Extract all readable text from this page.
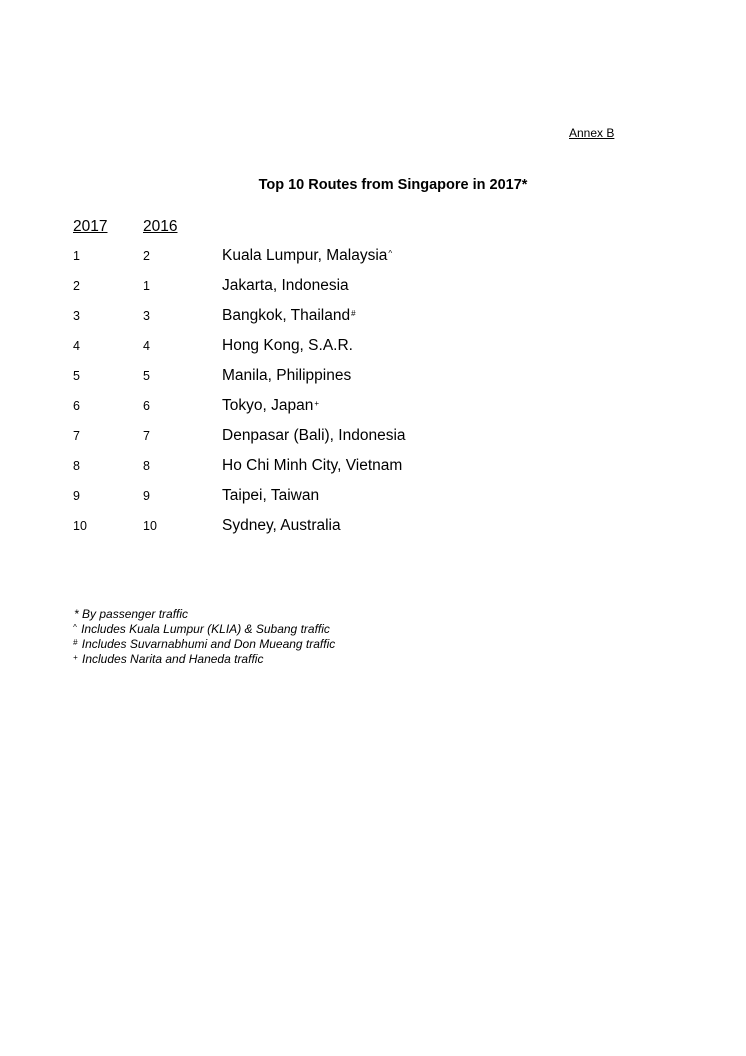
Annex B
Top 10 Routes from Singapore in 2017*
2017 2016
1	2	Kuala Lumpur, Malaysia^
2	1	Jakarta, Indonesia
3	3	Bangkok, Thailand#
4	4	Hong Kong, S.A.R.
5	5	Manila, Philippines
6	6	Tokyo, Japan+
7	7	Denpasar (Bali), Indonesia
8	8	Ho Chi Minh City, Vietnam
9	9	Taipei, Taiwan
10	10	Sydney, Australia
* By passenger traffic
^ Includes Kuala Lumpur (KLIA) & Subang traffic
# Includes Suvarnabhumi and Don Mueang traffic
+ Includes Narita and Haneda traffic
